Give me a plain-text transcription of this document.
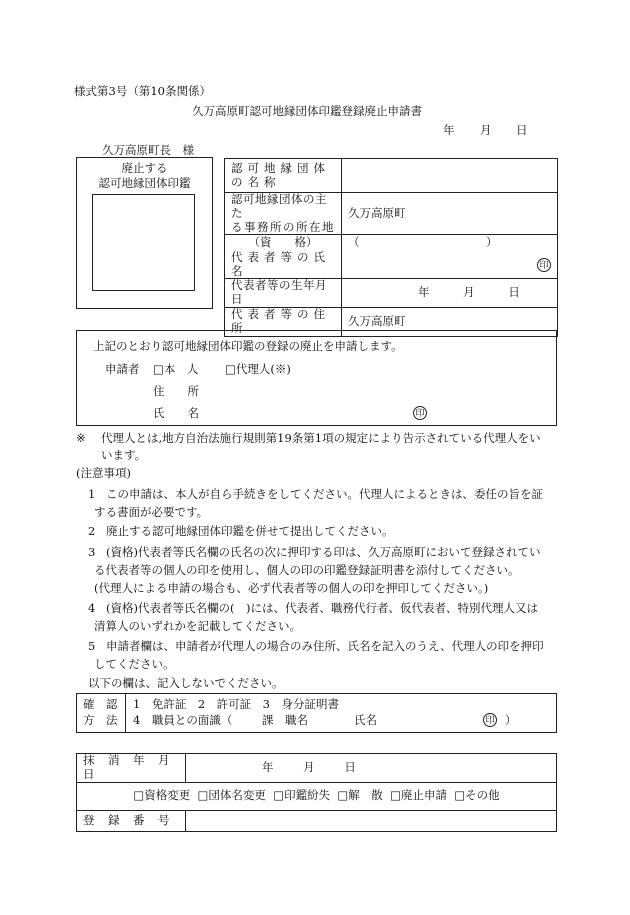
様式第3号（第10条関係）
久万高原町認可地縁団体印鑑登録廃止申請書
年 月 日
久万高原町長　様
廃止する
認可地縁団体印鑑
認可地縁団体の名称	

認可地縁団体の主た
る事務所の所在地	久万高原町
（資　　格）	（　　　　　　　　　　　）
代表者等の氏名	印
代表者等の生年月日	年 月 日
代表者等の住所	久万高原町
上記のとおり認可地縁団体印鑑の登録の廃止を申請します。
申請者 □本　人 □代理人(※)
住　　所
氏　　名	印
※ 代理人とは,地方自治法施行規則第19条第1項の規定により告示されている代理人をい
います。
(注意事項)
1 この申請は、本人が自ら手続きをしてください。代理人によるときは、委任の旨を証
する書面が必要です。
2 廃止する認可地縁団体印鑑を併せて提出してください。
3 (資格)代表者等氏名欄の氏名の次に押印する印は、久万高原町において登録されてい
る代表者等の個人の印を使用し、個人の印の印鑑登録証明書を添付してください。
(代理人による申請の場合も、必ず代表者等の個人の印を押印してください。)
4 (資格)代表者等氏名欄の(　)には、代表者、職務代行者、仮代表者、特別代理人又は
清算人のいずれかを記載してください。
5 申請者欄は、申請者が代理人の場合のみ住所、氏名を記入のうえ、代理人の印を押印
してください。
以下の欄は、記入しないでください。
確　認
方　法
1　免許証　2　許可証　3　身分証明書
4　職員との面識（	課　職名	氏名	印 ）
抹　消　年　月　日	年 月 日
□資格変更 □団体名変更 □印鑑紛失 □解　散 □廃止申請 □その他	
登　録　番　号	
